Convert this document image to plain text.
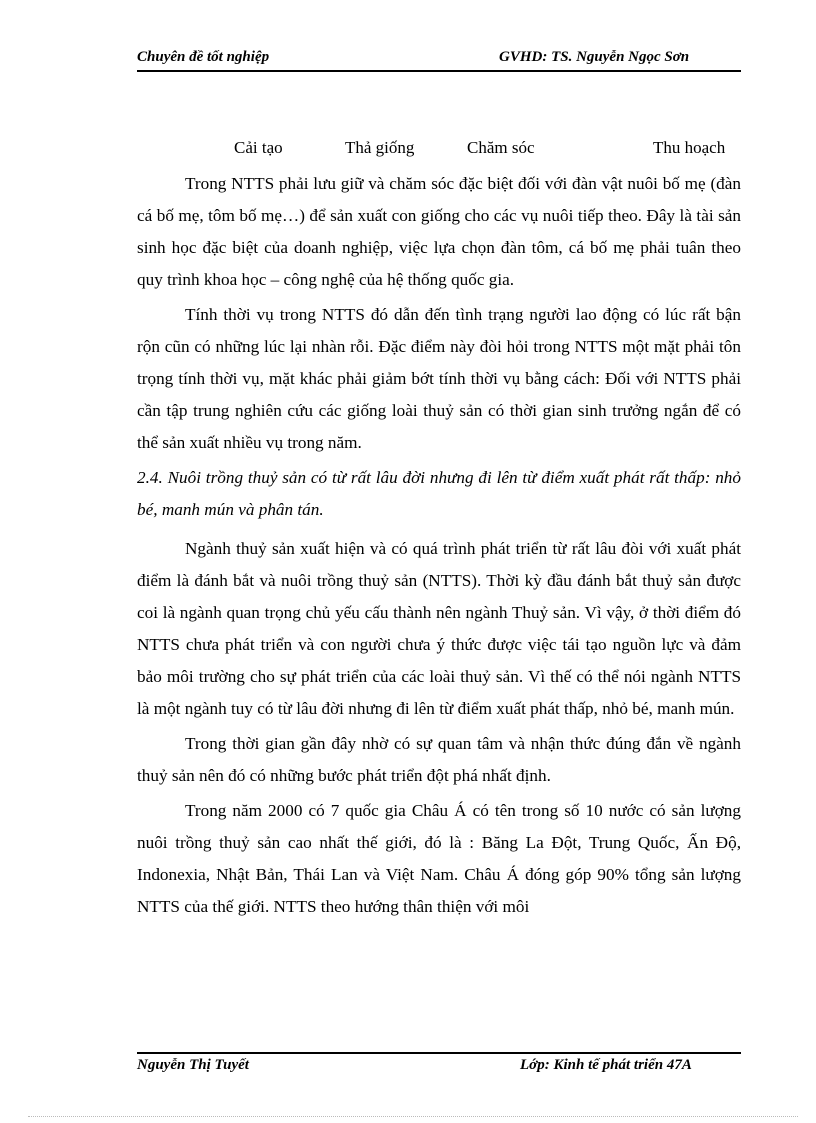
Chuyên đề tốt nghiệp	GVHD: TS. Nguyễn Ngọc Sơn
Cải tạo	Thả giống	Chăm sóc	Thu hoạch

Trong NTTS phải lưu giữ và chăm sóc đặc biệt đối với đàn vật nuôi bố mẹ (đàn cá bố mẹ, tôm bố mẹ…) để sản xuất con giống cho các vụ nuôi tiếp theo. Đây là tài sản sinh học đặc biệt của doanh nghiệp, việc lựa chọn đàn tôm, cá bố mẹ phải tuân theo quy trình khoa học – công nghệ của hệ thống quốc gia.

Tính thời vụ trong NTTS đó dẫn đến tình trạng người lao động có lúc rất bận rộn cũn có những lúc lại nhàn rỗi. Đặc điểm này đòi hỏi trong NTTS một mặt phải tôn trọng tính thời vụ, mặt khác phải giảm bớt tính thời vụ bằng cách: Đối với NTTS phải cần tập trung nghiên cứu các giống loài thuỷ sản có thời gian sinh trưởng ngắn để có thể sản xuất nhiều vụ trong năm.

2.4. Nuôi trồng thuỷ sản có từ rất lâu đời nhưng đi lên từ điểm xuất phát rất thấp: nhỏ bé, manh mún và phân tán.

Ngành thuỷ sản xuất hiện và có quá trình phát triển từ rất lâu đòi với xuất phát điểm là đánh bắt và nuôi trồng thuỷ sản (NTTS). Thời kỳ đầu đánh bắt thuỷ sản được coi là ngành quan trọng chủ yếu cấu thành nên ngành Thuỷ sản. Vì vậy, ở thời điểm đó NTTS chưa phát triển và con người chưa ý thức được việc tái tạo nguồn lực và đảm bảo môi trường cho sự phát triển của các loài thuỷ sản. Vì thế có thể nói ngành NTTS là một ngành tuy có từ lâu đời nhưng đi lên từ điểm xuất phát thấp, nhỏ bé, manh mún.

Trong thời gian gần đây nhờ có sự quan tâm và nhận thức đúng đắn về ngành thuỷ sản nên đó có những bước phát triển đột phá nhất định.

Trong năm 2000 có 7 quốc gia Châu Á có tên trong số 10 nước có sản lượng nuôi trồng thuỷ sản cao nhất thế giới, đó là : Băng La Đột, Trung Quốc, Ấn Độ, Indonexia, Nhật Bản, Thái Lan và Việt Nam. Châu Á đóng góp 90% tổng sản lượng NTTS của thế giới. NTTS theo hướng thân thiện với môi

Nguyễn Thị Tuyết	Lớp: Kinh tế phát triển 47A
